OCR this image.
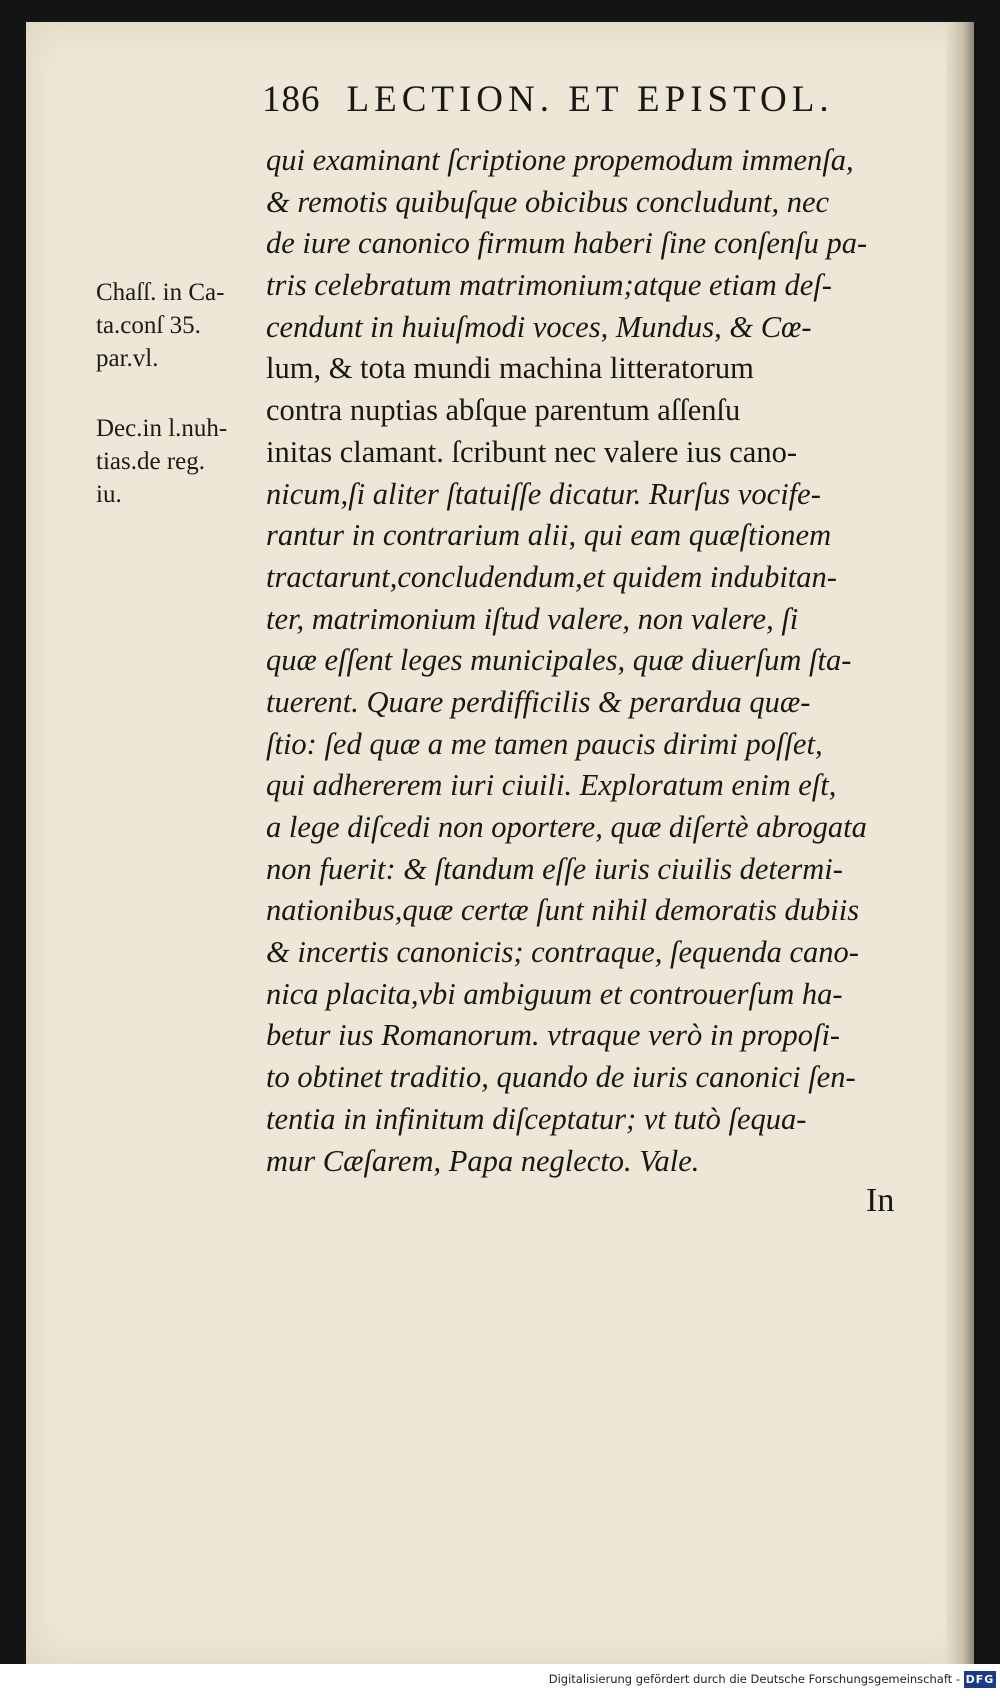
186 LECTION. ET EPISTOL.
Chaſſ. in Ca-
ta.conſ 35.
par.vl.
Dec.in l.nuh-
tias.de reg.
iu.
qui examinant ſcriptione propemodum immenſa,
& remotis quibuſque obicibus concludunt, nec
de iure canonico firmum haberi ſine conſenſu pa-
tris celebratum matrimonium;atque etiam deſ-
cendunt in huiuſmodi voces, Mundus, & Cœ-
lum, & tota mundi machina litteratorum
contra nuptias abſque parentum aſſenſu
initas clamant. ſcribunt nec valere ius cano-
nicum,ſi aliter ſtatuiſſe dicatur. Rurſus vocife-
rantur in contrarium alii, qui eam quæſtionem
tractarunt,concludendum,et quidem indubitan-
ter, matrimonium iſtud valere, non valere, ſi
quæ eſſent leges municipales, quæ diuerſum ſta-
tuerent. Quare perdifficilis & perardua quæ-
ſtio: ſed quæ a me tamen paucis dirimi poſſet,
qui adhererem iuri ciuili. Exploratum enim eſt,
a lege diſcedi non oportere, quæ diſertè abrogata
non fuerit: & ſtandum eſſe iuris ciuilis determi-
nationibus,quæ certæ ſunt nihil demoratis dubiis
& incertis canonicis; contraque, ſequenda cano-
nica placita,vbi ambiguum et controuerſum ha-
betur ius Romanorum. vtraque verò in propoſi-
to obtinet traditio, quando de iuris canonici ſen-
tentia in infinitum diſceptatur; vt tutò ſequa-
mur Cæſarem, Papa neglecto. Vale.
In
Digitalisierung gefördert durch die Deutsche Forschungsgemeinschaft - DFG
